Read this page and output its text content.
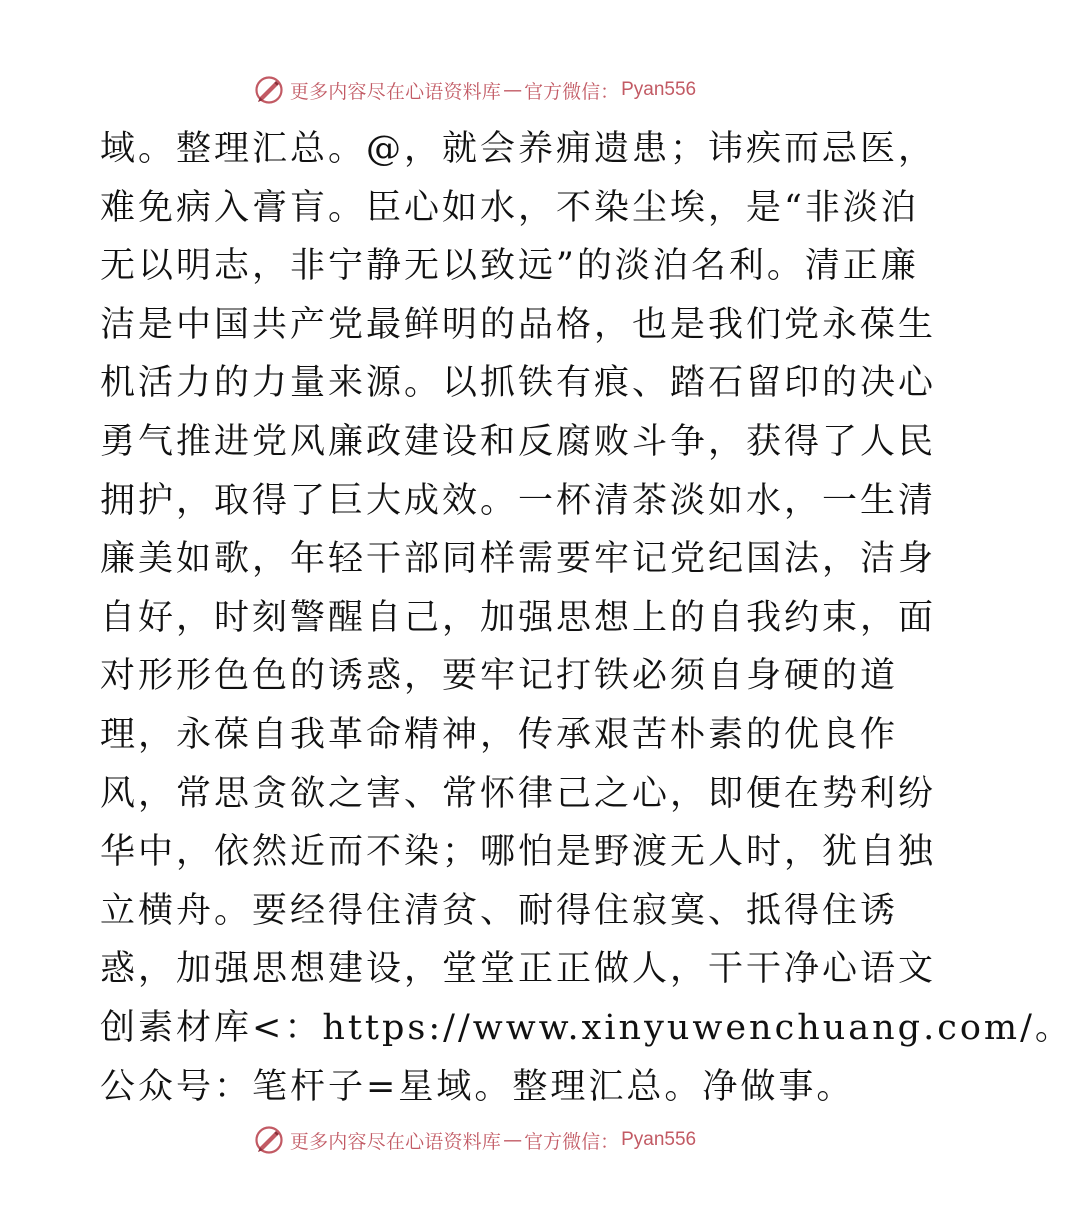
更多内容尽在心语资料库 — 官方微信： Pyan556
域。整理汇总。@，就会养痈遗患；讳疾而忌医，
难免病入膏肓。臣心如水，不染尘埃，是“非淡泊
无以明志，非宁静无以致远”的淡泊名利。清正廉
洁是中国共产党最鲜明的品格，也是我们党永葆生
机活力的力量来源。以抓铁有痕、踏石留印的决心
勇气推进党风廉政建设和反腐败斗争，获得了人民
拥护，取得了巨大成效。一杯清茶淡如水，一生清
廉美如歌，年轻干部同样需要牢记党纪国法，洁身
自好，时刻警醒自己，加强思想上的自我约束，面
对形形色色的诱惑，要牢记打铁必须自身硬的道
理，永葆自我革命精神，传承艰苦朴素的优良作
风，常思贪欲之害、常怀律己之心，即便在势利纷
华中，依然近而不染；哪怕是野渡无人时，犹自独
立横舟。要经得住清贫、耐得住寂寞、抵得住诱
惑，加强思想建设，堂堂正正做人，干干净心语文
创素材库<：https://www.xinyuwenchuang.com/。
公众号：笔杆子=星域。整理汇总。净做事。
更多内容尽在心语资料库 — 官方微信： Pyan556
